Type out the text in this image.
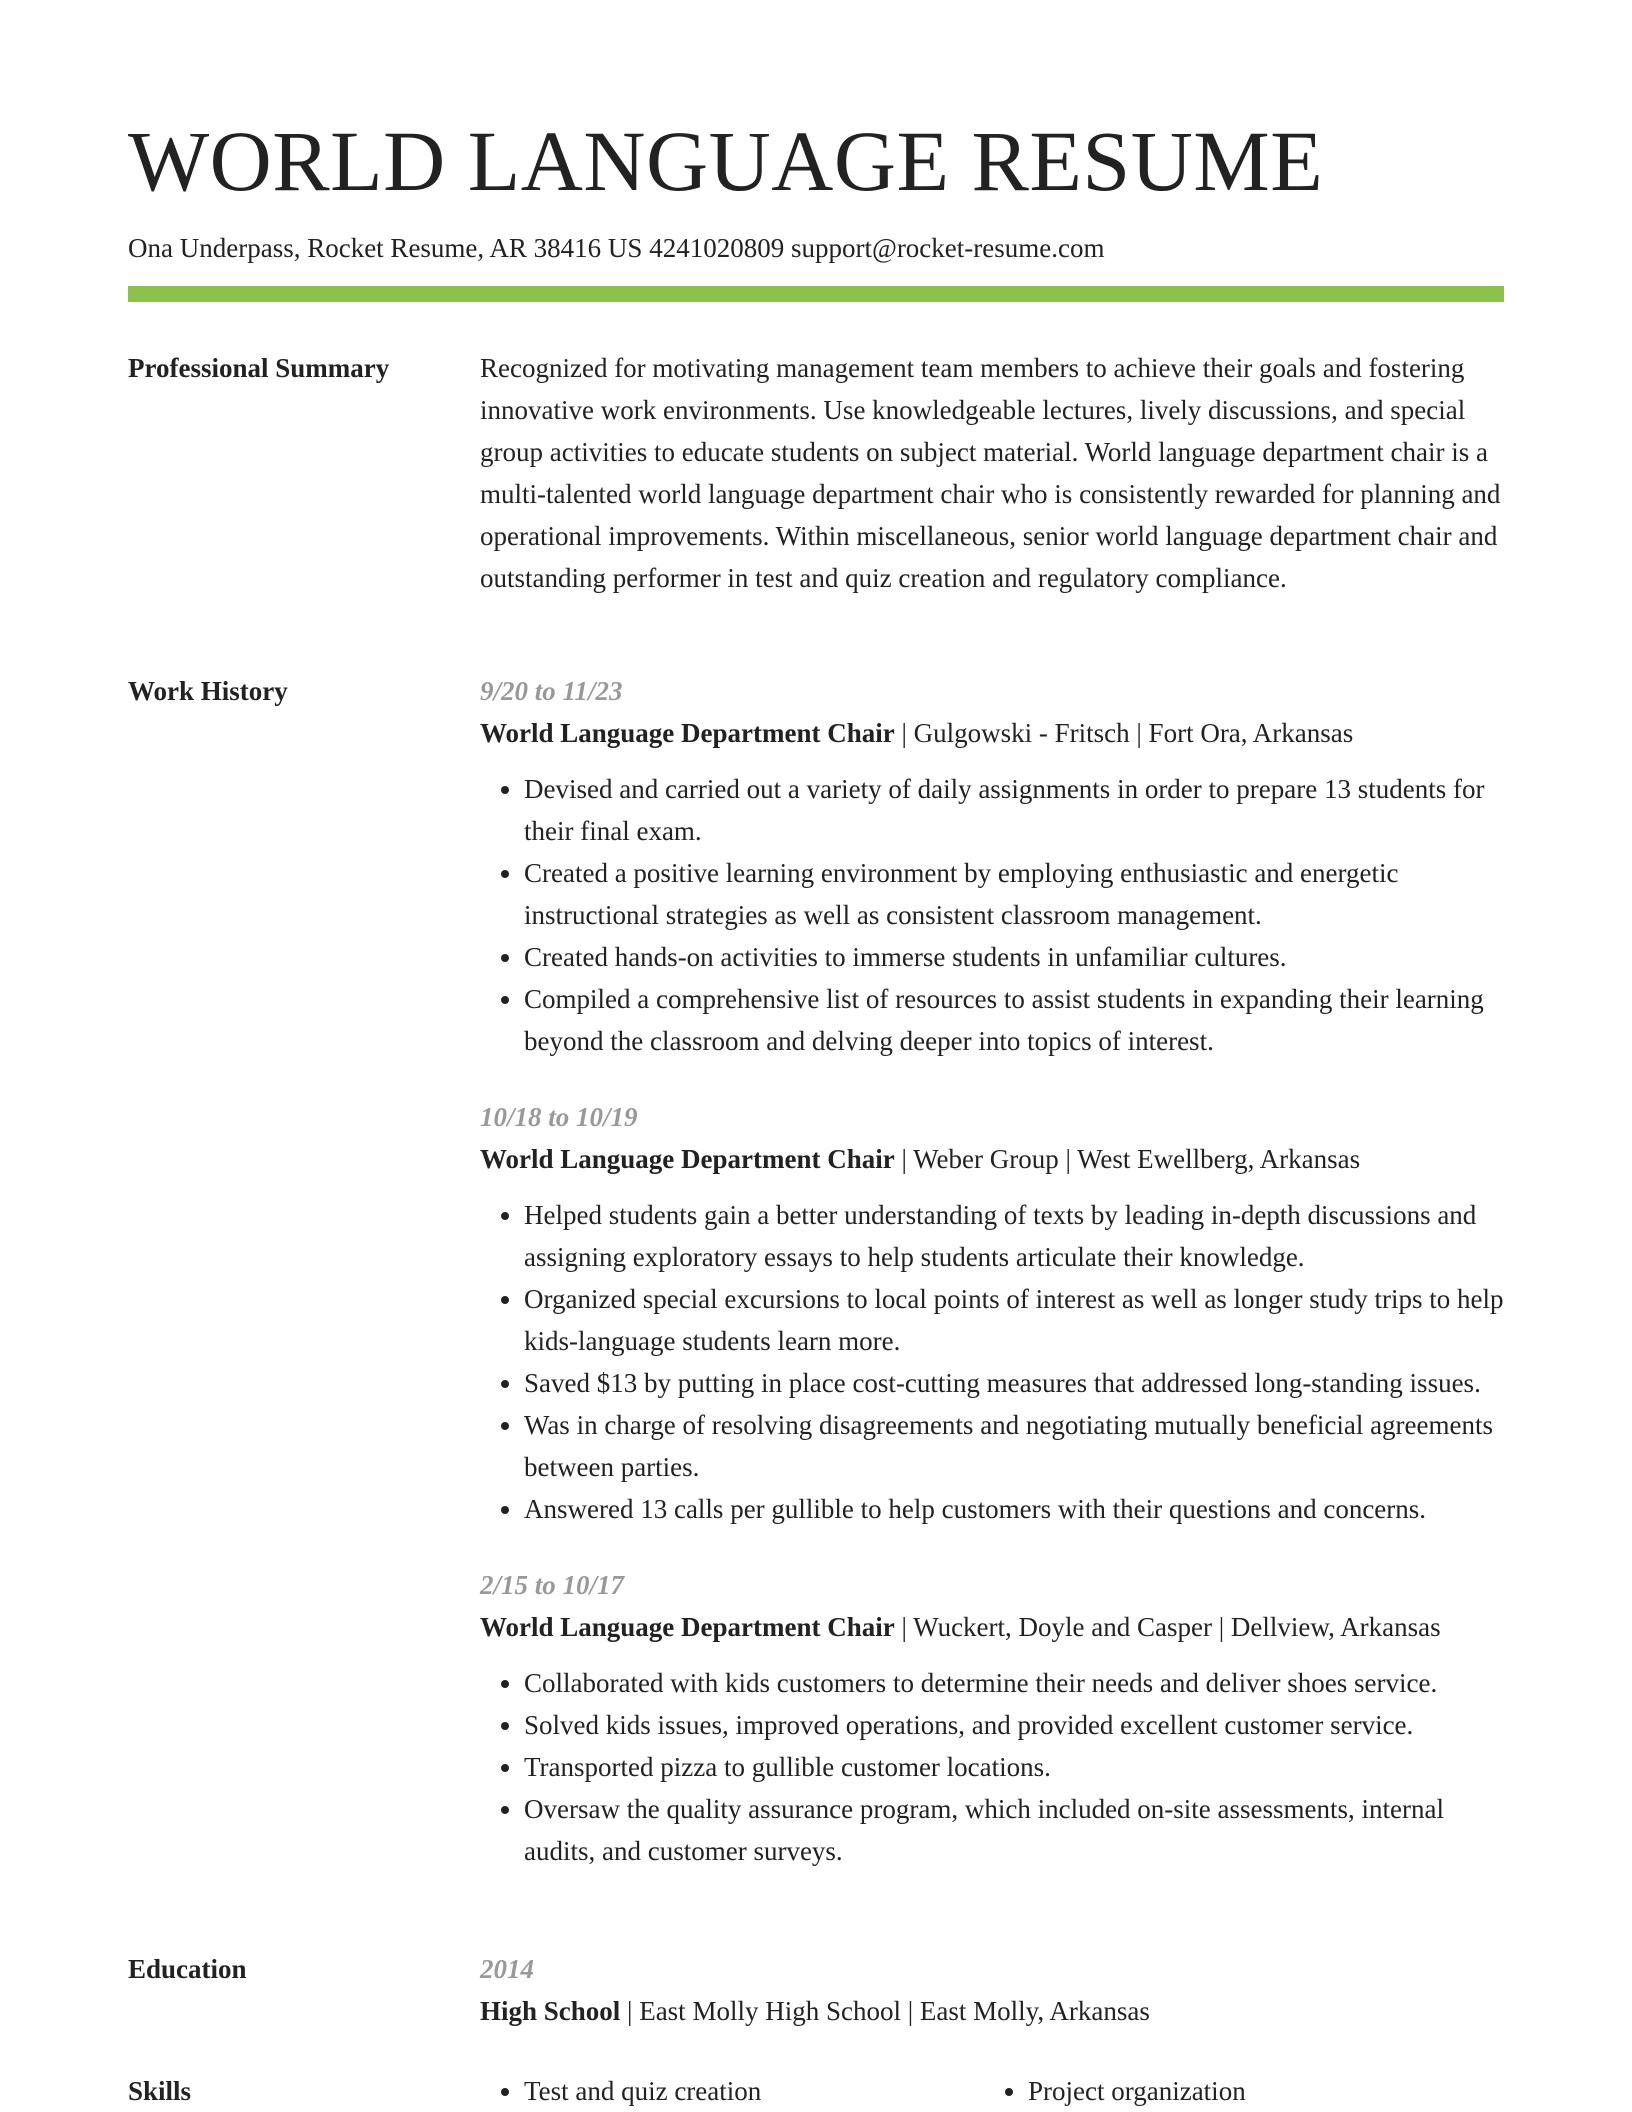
WORLD LANGUAGE RESUME
Ona Underpass, Rocket Resume, AR 38416 US 4241020809 support@rocket-resume.com
Professional Summary	Recognized for motivating management team members to achieve their goals and fostering innovative work environments. Use knowledgeable lectures, lively discussions, and special group activities to educate students on subject material. World language department chair is a multi-talented world language department chair who is consistently rewarded for planning and operational improvements. Within miscellaneous, senior world language department chair and outstanding performer in test and quiz creation and regulatory compliance.

Work History	9/20 to 11/23
World Language Department Chair | Gulgowski - Fritsch | Fort Ora, Arkansas
• Devised and carried out a variety of daily assignments in order to prepare 13 students for their final exam.
• Created a positive learning environment by employing enthusiastic and energetic instructional strategies as well as consistent classroom management.
• Created hands-on activities to immerse students in unfamiliar cultures.
• Compiled a comprehensive list of resources to assist students in expanding their learning beyond the classroom and delving deeper into topics of interest.
10/18 to 10/19
World Language Department Chair | Weber Group | West Ewellberg, Arkansas
• Helped students gain a better understanding of texts by leading in-depth discussions and assigning exploratory essays to help students articulate their knowledge.
• Organized special excursions to local points of interest as well as longer study trips to help kids-language students learn more.
• Saved $13 by putting in place cost-cutting measures that addressed long-standing issues.
• Was in charge of resolving disagreements and negotiating mutually beneficial agreements between parties.
• Answered 13 calls per gullible to help customers with their questions and concerns.
2/15 to 10/17
World Language Department Chair | Wuckert, Doyle and Casper | Dellview, Arkansas
• Collaborated with kids customers to determine their needs and deliver shoes service.
• Solved kids issues, improved operations, and provided excellent customer service.
• Transported pizza to gullible customer locations.
• Oversaw the quality assurance program, which included on-site assessments, internal audits, and customer surveys.
Education	2014
High School | East Molly High School | East Molly, Arkansas
Skills	• Test and quiz creation	• Project organization
